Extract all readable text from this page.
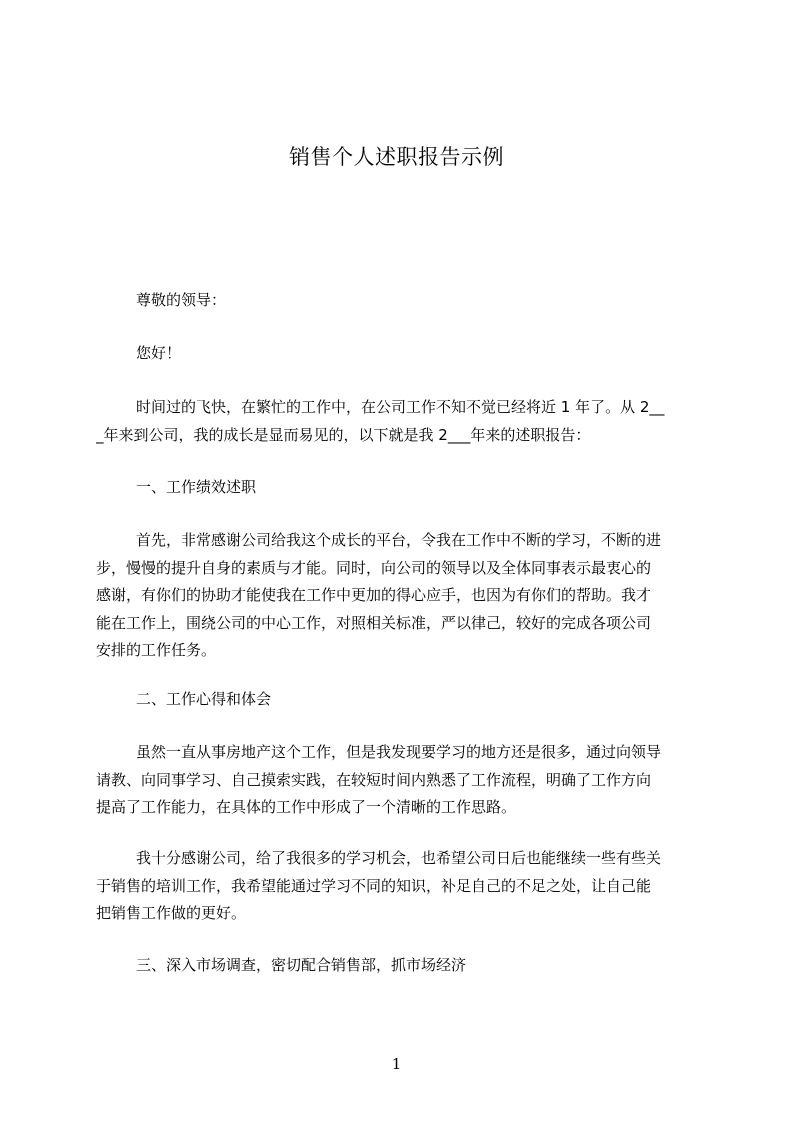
销售个人述职报告示例
尊敬的领导：
您好！
时间过的飞快，在繁忙的工作中，在公司工作不知不觉已经将近 1 年了。从 2__
_年来到公司，我的成长是显而易见的，以下就是我 2___年来的述职报告：
一、工作绩效述职
首先，非常感谢公司给我这个成长的平台，令我在工作中不断的学习，不断的进
步，慢慢的提升自身的素质与才能。同时，向公司的领导以及全体同事表示最衷心的
感谢，有你们的协助才能使我在工作中更加的得心应手，也因为有你们的帮助。我才
能在工作上，围绕公司的中心工作，对照相关标准，严以律己，较好的完成各项公司
安排的工作任务。
二、工作心得和体会
虽然一直从事房地产这个工作，但是我发现要学习的地方还是很多，通过向领导
请教、向同事学习、自己摸索实践，在较短时间内熟悉了工作流程，明确了工作方向
提高了工作能力，在具体的工作中形成了一个清晰的工作思路。
我十分感谢公司，给了我很多的学习机会，也希望公司日后也能继续一些有些关
于销售的培训工作，我希望能通过学习不同的知识，补足自己的不足之处，让自己能
把销售工作做的更好。
三、深入市场调查，密切配合销售部，抓市场经济
1
